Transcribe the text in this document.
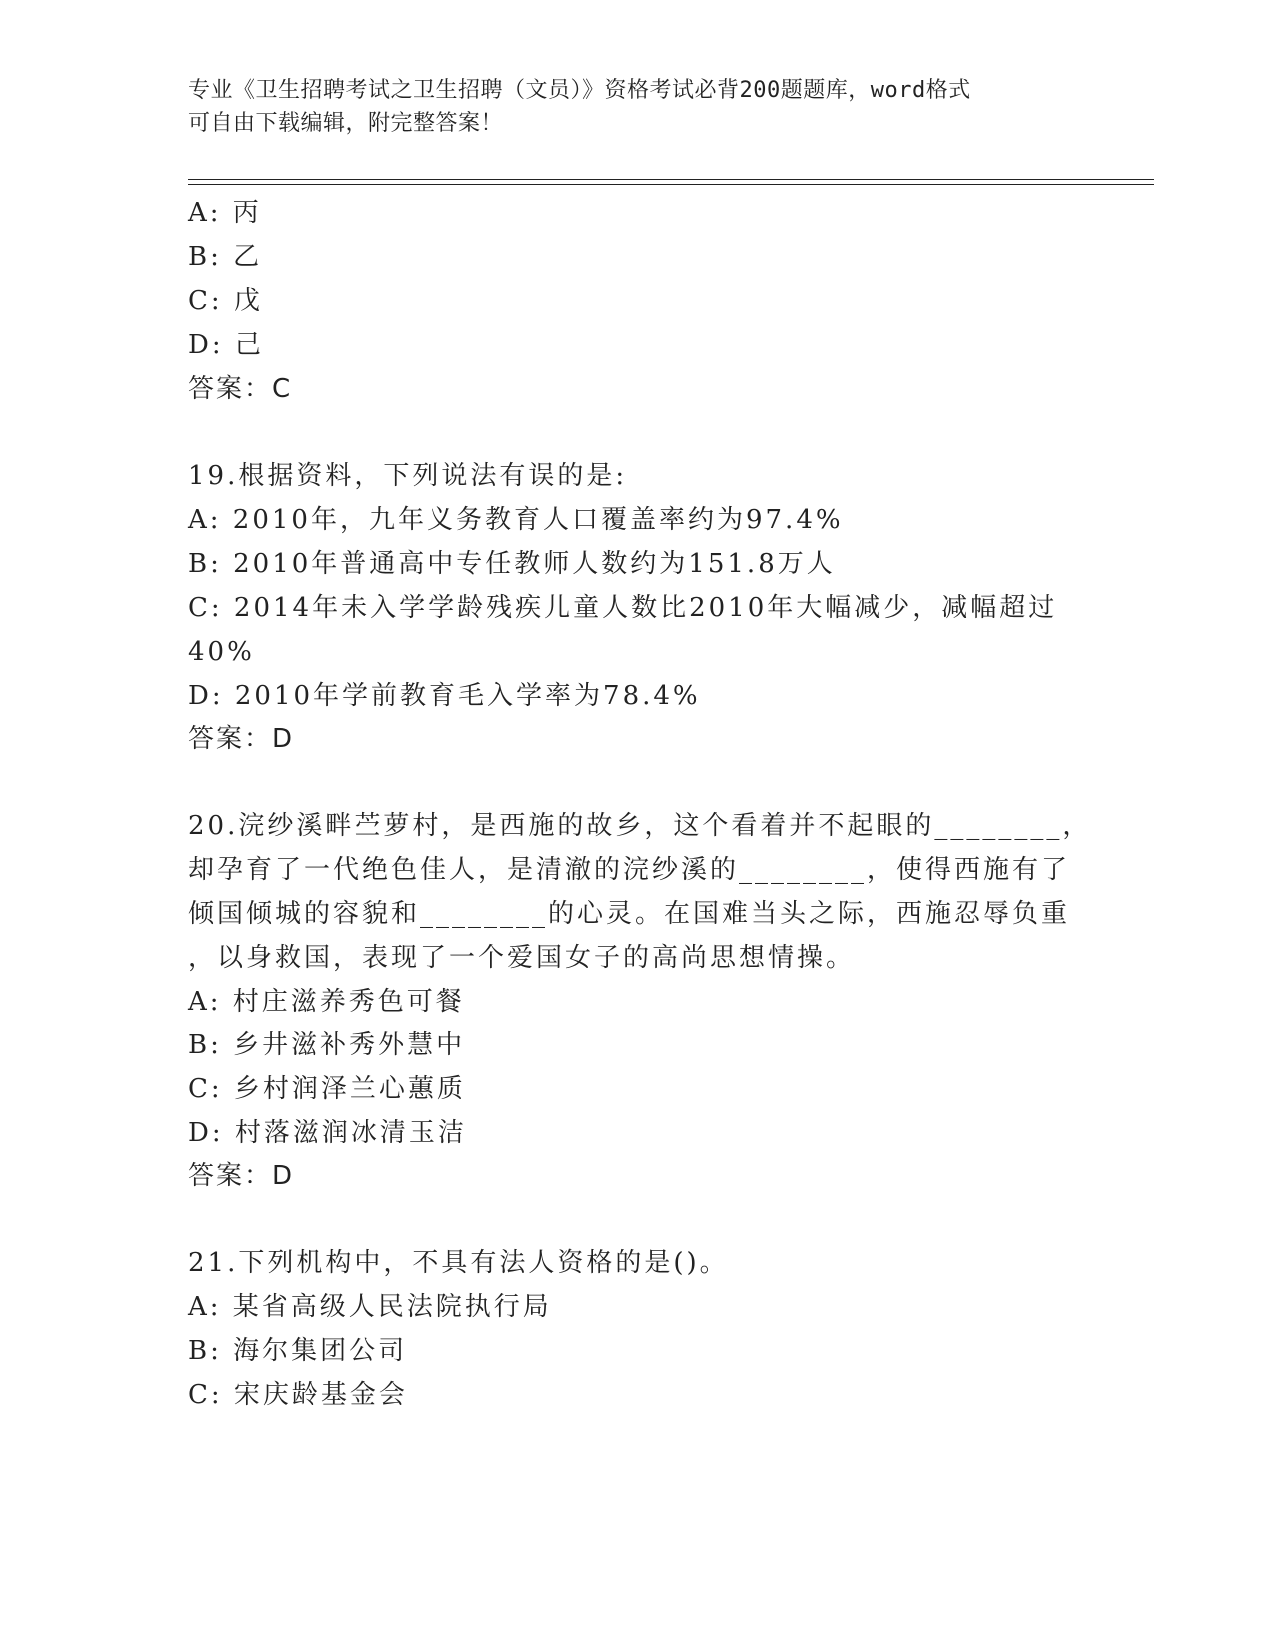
专业《卫生招聘考试之卫生招聘（文员）》资格考试必背200题题库，word格式
可自由下载编辑，附完整答案！
A: 丙
B: 乙
C: 戊
D: 己
答案：C
19.根据资料，下列说法有误的是:
A: 2010年，九年义务教育人口覆盖率约为97.4%
B: 2010年普通高中专任教师人数约为151.8万人
C: 2014年未入学学龄残疾儿童人数比2010年大幅减少，减幅超过
40%
D: 2010年学前教育毛入学率为78.4%
答案：D
20.浣纱溪畔苎萝村，是西施的故乡，这个看着并不起眼的________，
却孕育了一代绝色佳人，是清澈的浣纱溪的________，使得西施有了
倾国倾城的容貌和________的心灵。在国难当头之际，西施忍辱负重
，以身救国，表现了一个爱国女子的高尚思想情操。
A: 村庄滋养秀色可餐
B: 乡井滋补秀外慧中
C: 乡村润泽兰心蕙质
D: 村落滋润冰清玉洁
答案：D
21.下列机构中，不具有法人资格的是()。
A: 某省高级人民法院执行局
B: 海尔集团公司
C: 宋庆龄基金会
